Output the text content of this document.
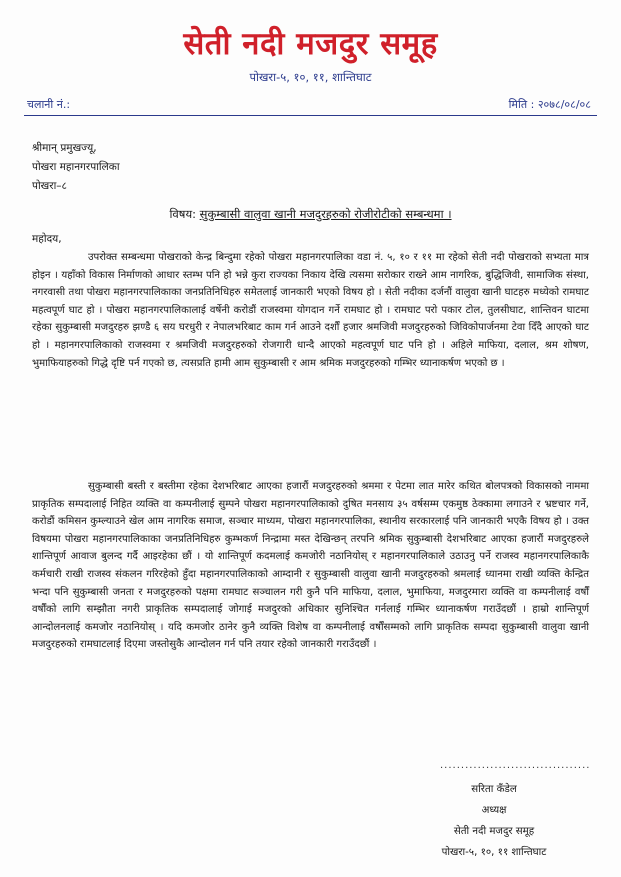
सेती नदी मजदुर समूह
पोखरा-५, १०, ११, शान्तिघाट
चलानी नं.:	मिति : २०७८/०८/०८
श्रीमान् प्रमुखज्यू,
पोखरा महानगरपालिका
पोखरा–८
विषय: सुकुम्बासी वालुवा खानी मजदुरहरुको रोजीरोटीको सम्बन्धमा ।
महोदय,

उपरोक्त सम्बन्धमा पोखराको केन्द्र बिन्दुमा रहेको पोखरा महानगरपालिका वडा नं. ५, १० र ११ मा रहेको सेती नदी पोखराको सभ्यता मात्र होइन । यहाँको विकास निर्माणको आधार स्तम्भ पनि हो भन्ने कुरा राज्यका निकाय देखि त्यसमा सरोकार राख्ने आम नागरिक, बुद्धिजिवी, सामाजिक संस्था, नगरवासी तथा पोखरा महानगरपालिकाका जनप्रतिनिधिहरु समेतलाई जानकारी भएको विषय हो । सेती नदीका दर्जनौं वालुवा खानी घाटहरु मध्येको रामघाट महत्वपूर्ण घाट हो । पोखरा महानगरपालिकालाई वर्षेनी करोडौं राजस्वमा योगदान गर्ने रामघाट हो । रामघाट परो पकार टोल, तुलसीघाट, शान्तिवन घाटमा रहेका सुकुम्बासी मजदुरहरु झण्डै ६ सय घरधुरी र नेपालभरिबाट काम गर्न आउने दर्शौं हजार श्रमजिवी मजदुरहरुको जिविकोपार्जनमा टेवा दिँदै आएको घाट हो । महानगरपालिकाको राजस्वमा र श्रमजिवी मजदुरहरुको रोजगारी धान्दै आएको महत्वपूर्ण घाट पनि हो । अहिले माफिया, दलाल, श्रम शोषण, भुमाफियाहरुको गिद्धे दृष्टि पर्न गएको छ, त्यसप्रति हामी आम सुकुम्बासी र आम श्रमिक मजदुरहरुको गम्भिर ध्यानाकर्षण भएको छ ।

सुकुम्बासी बस्ती र बस्तीमा रहेका देशभरिबाट आएका हजारौं मजदुरहरुको श्रममा र पेटमा लात मारेर कथित बोलपत्रको विकासको नाममा प्राकृतिक सम्पदालाई निहित व्यक्ति वा कम्पनीलाई सुम्पने पोखरा महानगरपालिकाको दुषित मनसाय ३५ वर्षसम्म एकमुष्ठ ठेक्कामा लगाउने र भ्रष्टचार गर्ने, करोडौं कमिसन कुम्ल्याउने खेल आम नागरिक समाज, सञ्चार माध्यम, पोखरा महानगरपालिका, स्थानीय सरकारलाई पनि जानकारी भएकै विषय हो । उक्त विषयमा पोखरा महानगरपालिकाका जनप्रतिनिधिहरु कुम्भकर्ण निन्द्रामा मस्त देखिन्छन् तरपनि श्रमिक सुकुम्बासी देशभरिबाट आएका हजारौं मजदुरहरुले शान्तिपूर्ण आवाज बुलन्द गर्दै आइरहेका छौं । यो शान्तिपूर्ण कदमलाई कमजोरी नठानियोस् र महानगरपालिकाले उठाउनु पर्ने राजस्व महानगरपालिकाकै कर्मचारी राखी राजस्व संकलन गरिरहेको हुँदा महानगरपालिकाको आम्दानी र सुकुम्बासी वालुवा खानी मजदुरहरुको श्रमलाई ध्यानमा राखी व्यक्ति केन्द्रित भन्दा पनि सुकुम्बासी जनता र मजदुरहरुको पक्षमा रामघाट सञ्चालन गरी कुनै पनि माफिया, दलाल, भुमाफिया, मजदुरमारा व्यक्ति वा कम्पनीलाई वर्षौं वर्षौंको लागि सम्झौता नगरी प्राकृतिक सम्पदालाई जोगाई मजदुरको अधिकार सुनिश्चित गर्नलाई गम्भिर ध्यानाकर्षण गराउँदछौं । हाम्रो शान्तिपूर्ण आन्दोलनलाई कमजोर नठानियोस् । यदि कमजोर ठानेर कुनै व्यक्ति विशेष वा कम्पनीलाई वर्षौंसम्मको लागि प्राकृतिक सम्पदा सुकुम्बासी वालुवा खानी मजदुरहरुको रामघाटलाई दिएमा जस्तोसुकै आन्दोलन गर्न पनि तयार रहेको जानकारी गराउँदछौं ।

....................................
सरिता कँडेल
अध्यक्ष
सेती नदी मजदुर समूह
पोखरा-५, १०, ११ शान्तिघाट
